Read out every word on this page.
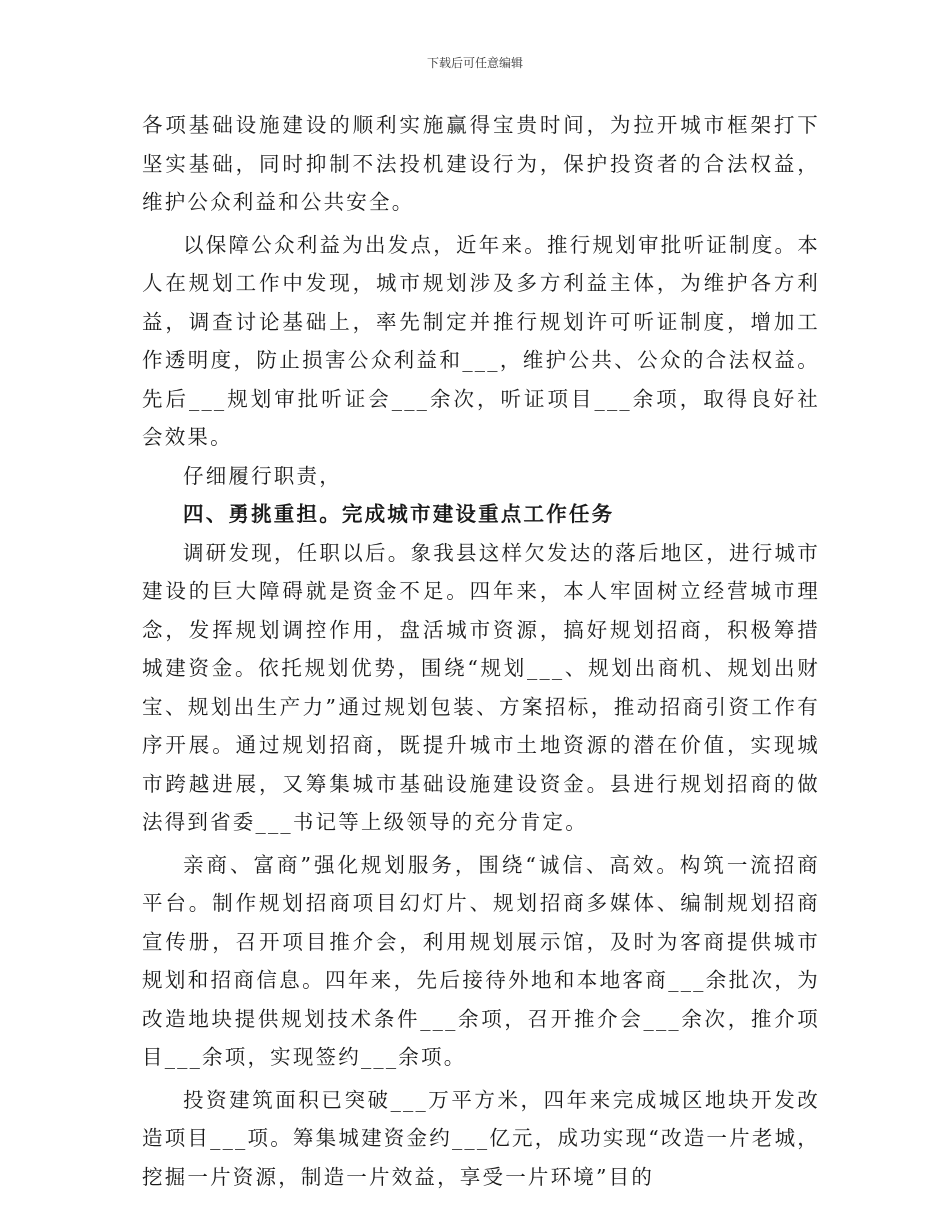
下载后可任意编辑

各项基础设施建设的顺利实施赢得宝贵时间，为拉开城市框架打下坚实基础，同时抑制不法投机建设行为，保护投资者的合法权益，维护公众利益和公共安全。

以保障公众利益为出发点，近年来。推行规划审批听证制度。本人在规划工作中发现，城市规划涉及多方利益主体，为维护各方利益，调查讨论基础上，率先制定并推行规划许可听证制度，增加工作透明度，防止损害公众利益和___，维护公共、公众的合法权益。先后___规划审批听证会___余次，听证项目___余项，取得良好社会效果。

仔细履行职责，

四、勇挑重担。完成城市建设重点工作任务

调研发现，任职以后。象我县这样欠发达的落后地区，进行城市建设的巨大障碍就是资金不足。四年来，本人牢固树立经营城市理念，发挥规划调控作用，盘活城市资源，搞好规划招商，积极筹措城建资金。依托规划优势，围绕“规划___、规划出商机、规划出财宝、规划出生产力”通过规划包装、方案招标，推动招商引资工作有序开展。通过规划招商，既提升城市土地资源的潜在价值，实现城市跨越进展，又筹集城市基础设施建设资金。县进行规划招商的做法得到省委___书记等上级领导的充分肯定。

亲商、富商”强化规划服务，围绕“诚信、高效。构筑一流招商平台。制作规划招商项目幻灯片、规划招商多媒体、编制规划招商宣传册，召开项目推介会，利用规划展示馆，及时为客商提供城市规划和招商信息。四年来，先后接待外地和本地客商___余批次，为改造地块提供规划技术条件___余项，召开推介会___余次，推介项目___余项，实现签约___余项。

投资建筑面积已突破___万平方米，四年来完成城区地块开发改造项目___项。筹集城建资金约___亿元，成功实现“改造一片老城，挖掘一片资源，制造一片效益，享受一片环境”目的
